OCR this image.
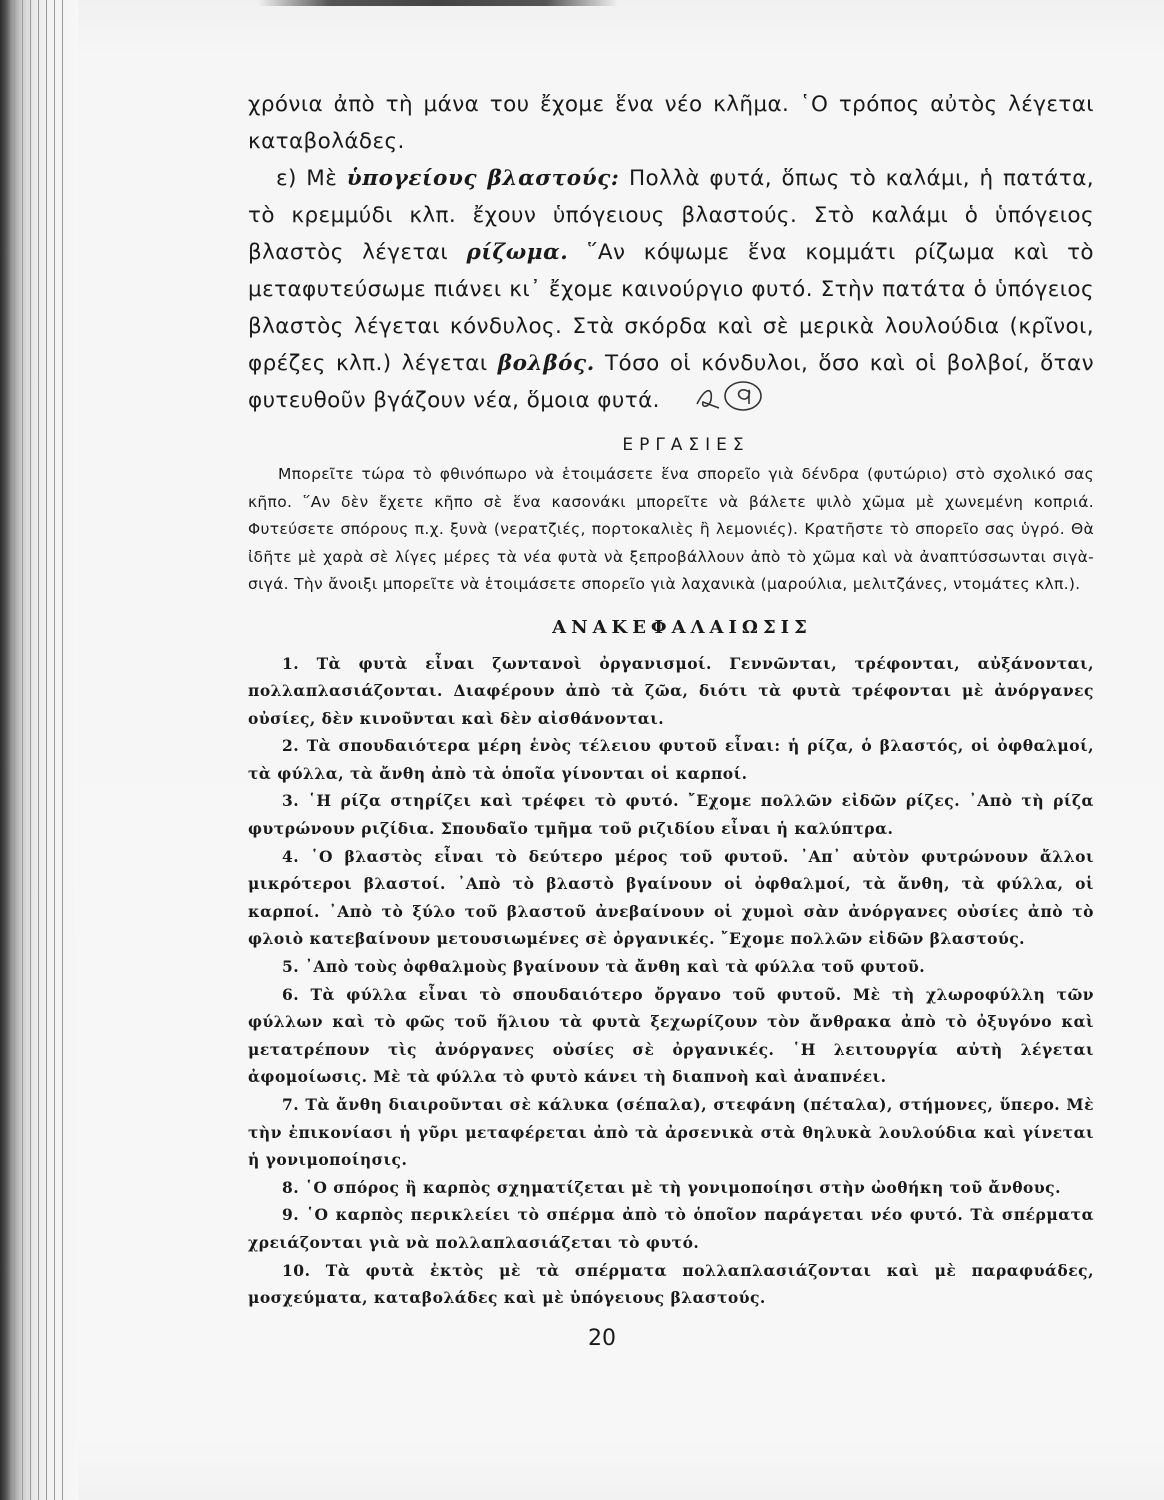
χρόνια ἀπὸ τὴ μάνα του ἔχομε ἕνα νέο κλῆμα. ῾Ο τρόπος αὐτὸς λέγεται καταβολάδες.

ε) Μὲ ὑπογείους βλαστούς: Πολλὰ φυτά, ὅπως τὸ καλάμι, ἡ πατάτα, τὸ κρεμμύδι κλπ. ἔχουν ὑπόγειους βλαστούς. Στὸ καλάμι ὁ ὑπόγειος βλαστὸς λέγεται ρίζωμα. ῞Αν κόψωμε ἕνα κομμάτι ρίζωμα καὶ τὸ μεταφυτεύσωμε πιάνει κι᾿ ἔχομε καινούργιο φυτό. Στὴν πατάτα ὁ ὑπόγειος βλαστὸς λέγεται κόνδυλος. Στὰ σκόρδα καὶ σὲ μερικὰ λουλούδια (κρῖνοι, φρέζες κλπ.) λέγεται βολβός. Τόσο οἱ κόνδυλοι, ὅσο καὶ οἱ βολβοί, ὅταν φυτευθοῦν βγάζουν νέα, ὅμοια φυτά.

ΕΡΓΑΣΙΕΣ

Μπορεῖτε τώρα τὸ φθινόπωρο νὰ ἑτοιμάσετε ἕνα σπορεῖο γιὰ δένδρα (φυτώριο) στὸ σχολικό σας κῆπο. ῞Αν δὲν ἔχετε κῆπο σὲ ἕνα κασονάκι μπορεῖτε νὰ βάλετε ψιλὸ χῶμα μὲ χωνεμένη κοπριά. Φυτεύσετε σπόρους π.χ. ξυνὰ (νερατζιές, πορτοκαλιὲς ἢ λεμονιές). Κρατῆστε τὸ σπορεῖο σας ὑγρό. Θὰ ἰδῆτε μὲ χαρὰ σὲ λίγες μέρες τὰ νέα φυτὰ νὰ ξεπροβάλλουν ἀπὸ τὸ χῶμα καὶ νὰ ἀναπτύσσωνται σιγὰ-σιγά. Τὴν ἄνοιξι μπορεῖτε νὰ ἑτοιμάσετε σπορεῖο γιὰ λαχανικὰ (μαρούλια, μελιτζάνες, ντομάτες κλπ.).

ΑΝΑΚΕΦΑΛΑΙΩΣΙΣ

1. Τὰ φυτὰ εἶναι ζωντανοὶ ὀργανισμοί. Γεννῶνται, τρέφονται, αὐξάνονται, πολλαπλασιάζονται. Διαφέρουν ἀπὸ τὰ ζῶα, διότι τὰ φυτὰ τρέφονται μὲ ἀνόργανες οὐσίες, δὲν κινοῦνται καὶ δὲν αἰσθάνονται.

2. Τὰ σπουδαιότερα μέρη ἑνὸς τέλειου φυτοῦ εἶναι: ἡ ρίζα, ὁ βλαστός, οἱ ὀφθαλμοί, τὰ φύλλα, τὰ ἄνθη ἀπὸ τὰ ὁποῖα γίνονται οἱ καρποί.

3. ῾Η ρίζα στηρίζει καὶ τρέφει τὸ φυτό. ῎Εχομε πολλῶν εἰδῶν ρίζες. ᾿Απὸ τὴ ρίζα φυτρώνουν ριζίδια. Σπουδαῖο τμῆμα τοῦ ριζιδίου εἶναι ἡ καλύπτρα.

4. ῾Ο βλαστὸς εἶναι τὸ δεύτερο μέρος τοῦ φυτοῦ. ᾿Απ᾿ αὐτὸν φυτρώνουν ἄλλοι μικρότεροι βλαστοί. ᾿Απὸ τὸ βλαστὸ βγαίνουν οἱ ὀφθαλμοί, τὰ ἄνθη, τὰ φύλλα, οἱ καρποί. ᾿Απὸ τὸ ξύλο τοῦ βλαστοῦ ἀνεβαίνουν οἱ χυμοὶ σὰν ἀνόργανες οὐσίες ἀπὸ τὸ φλοιὸ κατεβαίνουν μετουσιωμένες σὲ ὀργανικές. ῎Εχομε πολλῶν εἰδῶν βλαστούς.

5. ᾿Απὸ τοὺς ὀφθαλμοὺς βγαίνουν τὰ ἄνθη καὶ τὰ φύλλα τοῦ φυτοῦ.

6. Τὰ φύλλα εἶναι τὸ σπουδαιότερο ὄργανο τοῦ φυτοῦ. Μὲ τὴ χλωροφύλλη τῶν φύλλων καὶ τὸ φῶς τοῦ ἥλιου τὰ φυτὰ ξεχωρίζουν τὸν ἄνθρακα ἀπὸ τὸ ὀξυγόνο καὶ μετατρέπουν τὶς ἀνόργανες οὐσίες σὲ ὀργανικές. ῾Η λειτουργία αὐτὴ λέγεται ἀφομοίωσις. Μὲ τὰ φύλλα τὸ φυτὸ κάνει τὴ διαπνοὴ καὶ ἀναπνέει.

7. Τὰ ἄνθη διαιροῦνται σὲ κάλυκα (σέπαλα), στεφάνη (πέταλα), στήμονες, ὕπερο. Μὲ τὴν ἐπικονίασι ἡ γῦρι μεταφέρεται ἀπὸ τὰ ἀρσενικὰ στὰ θηλυκὰ λουλούδια καὶ γίνεται ἡ γονιμοποίησις.

8. ῾Ο σπόρος ἢ καρπὸς σχηματίζεται μὲ τὴ γονιμοποίησι στὴν ὠοθήκη τοῦ ἄνθους.

9. ῾Ο καρπὸς περικλείει τὸ σπέρμα ἀπὸ τὸ ὁποῖον παράγεται νέο φυτό. Τὰ σπέρματα χρειάζονται γιὰ νὰ πολλαπλασιάζεται τὸ φυτό.

10. Τὰ φυτὰ ἐκτὸς μὲ τὰ σπέρματα πολλαπλασιάζονται καὶ μὲ παραφυάδες, μοσχεύματα, καταβολάδες καὶ μὲ ὑπόγειους βλαστούς.

20
